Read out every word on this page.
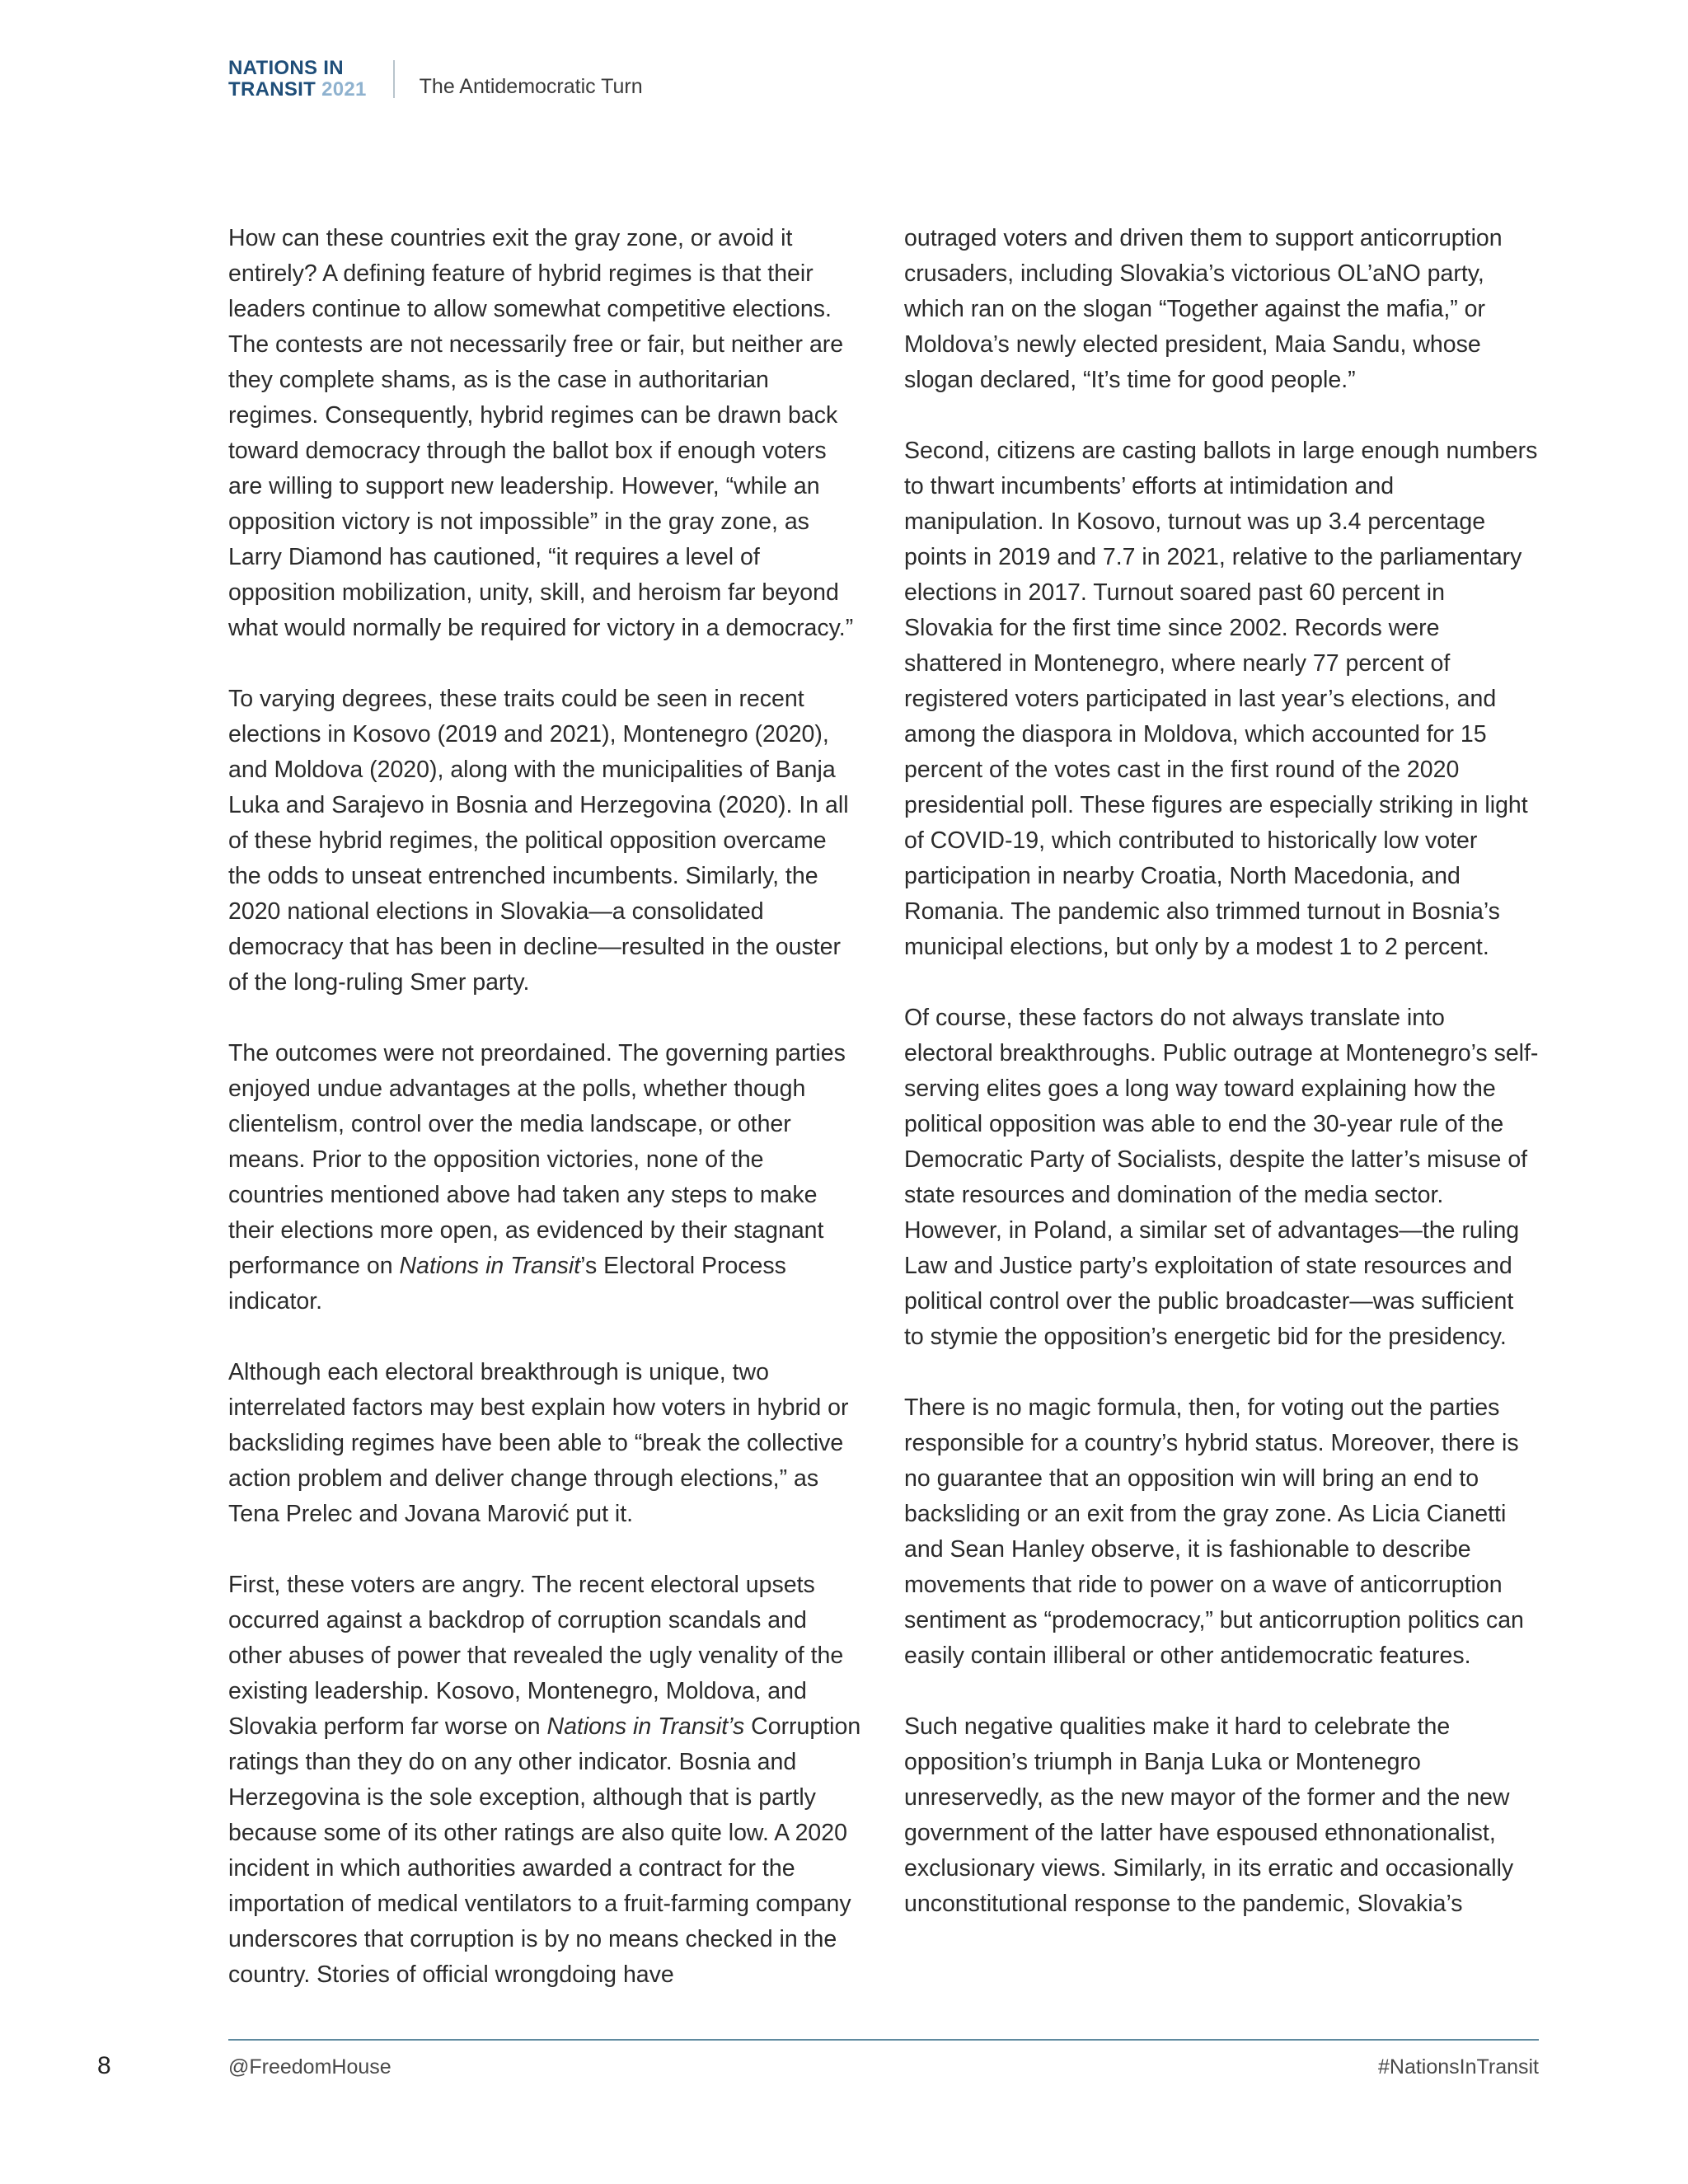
NATIONS IN
TRANSIT 2021	The Antidemocratic Turn

How can these countries exit the gray zone, or avoid it entirely? A defining feature of hybrid regimes is that their leaders continue to allow somewhat competitive elections. The contests are not necessarily free or fair, but neither are they complete shams, as is the case in authoritarian regimes. Consequently, hybrid regimes can be drawn back toward democracy through the ballot box if enough voters are willing to support new leadership. However, “while an opposition victory is not impossible” in the gray zone, as Larry Diamond has cautioned, “it requires a level of opposition mobilization, unity, skill, and heroism far beyond what would normally be required for victory in a democracy.”

To varying degrees, these traits could be seen in recent elections in Kosovo (2019 and 2021), Montenegro (2020), and Moldova (2020), along with the municipalities of Banja Luka and Sarajevo in Bosnia and Herzegovina (2020). In all of these hybrid regimes, the political opposition overcame the odds to unseat entrenched incumbents. Similarly, the 2020 national elections in Slovakia—a consolidated democracy that has been in decline—resulted in the ouster of the long-ruling Smer party.

The outcomes were not preordained. The governing parties enjoyed undue advantages at the polls, whether though clientelism, control over the media landscape, or other means. Prior to the opposition victories, none of the countries mentioned above had taken any steps to make their elections more open, as evidenced by their stagnant performance on Nations in Transit’s Electoral Process indicator.

Although each electoral breakthrough is unique, two interrelated factors may best explain how voters in hybrid or backsliding regimes have been able to “break the collective action problem and deliver change through elections,” as Tena Prelec and Jovana Marović put it.

First, these voters are angry. The recent electoral upsets occurred against a backdrop of corruption scandals and other abuses of power that revealed the ugly venality of the existing leadership. Kosovo, Montenegro, Moldova, and Slovakia perform far worse on Nations in Transit’s Corruption ratings than they do on any other indicator. Bosnia and Herzegovina is the sole exception, although that is partly because some of its other ratings are also quite low. A 2020 incident in which authorities awarded a contract for the importation of medical ventilators to a fruit-farming company underscores that corruption is by no means checked in the country. Stories of official wrongdoing have

outraged voters and driven them to support anticorruption crusaders, including Slovakia’s victorious OL’aNO party, which ran on the slogan “Together against the mafia,” or Moldova’s newly elected president, Maia Sandu, whose slogan declared, “It’s time for good people.”

Second, citizens are casting ballots in large enough numbers to thwart incumbents’ efforts at intimidation and manipulation. In Kosovo, turnout was up 3.4 percentage points in 2019 and 7.7 in 2021, relative to the parliamentary elections in 2017. Turnout soared past 60 percent in Slovakia for the first time since 2002. Records were shattered in Montenegro, where nearly 77 percent of registered voters participated in last year’s elections, and among the diaspora in Moldova, which accounted for 15 percent of the votes cast in the first round of the 2020 presidential poll. These figures are especially striking in light of COVID-19, which contributed to historically low voter participation in nearby Croatia, North Macedonia, and Romania. The pandemic also trimmed turnout in Bosnia’s municipal elections, but only by a modest 1 to 2 percent.

Of course, these factors do not always translate into electoral breakthroughs. Public outrage at Montenegro’s self-serving elites goes a long way toward explaining how the political opposition was able to end the 30-year rule of the Democratic Party of Socialists, despite the latter’s misuse of state resources and domination of the media sector. However, in Poland, a similar set of advantages—the ruling Law and Justice party’s exploitation of state resources and political control over the public broadcaster—was sufficient to stymie the opposition’s energetic bid for the presidency.

There is no magic formula, then, for voting out the parties responsible for a country’s hybrid status. Moreover, there is no guarantee that an opposition win will bring an end to backsliding or an exit from the gray zone. As Licia Cianetti and Sean Hanley observe, it is fashionable to describe movements that ride to power on a wave of anticorruption sentiment as “prodemocracy,” but anticorruption politics can easily contain illiberal or other antidemocratic features.

Such negative qualities make it hard to celebrate the opposition’s triumph in Banja Luka or Montenegro unreservedly, as the new mayor of the former and the new government of the latter have espoused ethnonationalist, exclusionary views. Similarly, in its erratic and occasionally unconstitutional response to the pandemic, Slovakia’s

8	@FreedomHouse	#NationsInTransit
